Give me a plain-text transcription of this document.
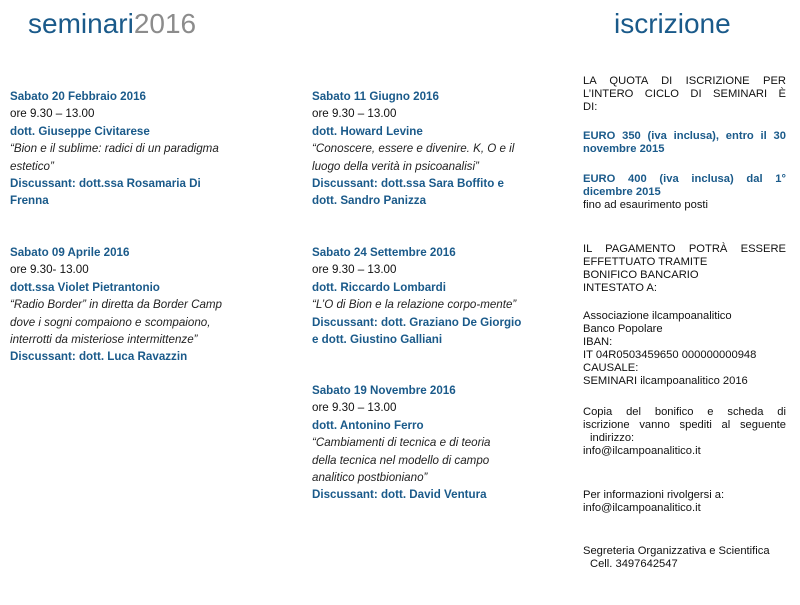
seminari2016	iscrizione

Sabato 20 Febbraio 2016

ore 9.30 – 13.00

dott. Giuseppe Civitarese

“Bion e il sublime: radici di un paradigma

estetico”

Discussant: dott.ssa Rosamaria Di

Frenna

Sabato 09 Aprile 2016

ore 9.30- 13.00

dott.ssa Violet Pietrantonio

“Radio Border” in diretta da Border Camp

dove i sogni compaiono e scompaiono,

interrotti da misteriose intermittenze”

Discussant: dott. Luca Ravazzin

Sabato 11 Giugno 2016

ore 9.30 – 13.00

dott. Howard Levine

“Conoscere, essere e divenire. K, O e il

luogo della verità in psicoanalisi”

Discussant: dott.ssa Sara Boffito e

dott. Sandro Panizza

Sabato 24 Settembre 2016

ore 9.30 – 13.00

dott. Riccardo Lombardi

“L’O di Bion e la relazione corpo-mente”

Discussant: dott. Graziano De Giorgio

e dott. Giustino Galliani

Sabato 19 Novembre 2016

ore 9.30 – 13.00

dott. Antonino Ferro

“Cambiamenti di tecnica e di teoria

della tecnica nel modello di campo

analitico postbioniano”

Discussant: dott. David Ventura

LA QUOTA DI ISCRIZIONE PER

L’INTERO CICLO DI SEMINARI È

DI:

EURO 350 (iva inclusa), entro il 30

novembre 2015

EURO 400 (iva inclusa) dal 1°

dicembre 2015

fino ad esaurimento posti

IL PAGAMENTO POTRÀ ESSERE

EFFETTUATO TRAMITE

BONIFICO BANCARIO

INTESTATO A:

Associazione ilcampoanalitico

Banco Popolare

IBAN:

IT 04R0503459650 000000000948

CAUSALE:

SEMINARI ilcampoanalitico 2016

Copia del bonifico e scheda di

iscrizione vanno spediti al seguente

indirizzo:

info@ilcampoanalitico.it

Per informazioni rivolgersi a:

info@ilcampoanalitico.it

Segreteria Organizzativa e Scientifica

Cell. 3497642547
